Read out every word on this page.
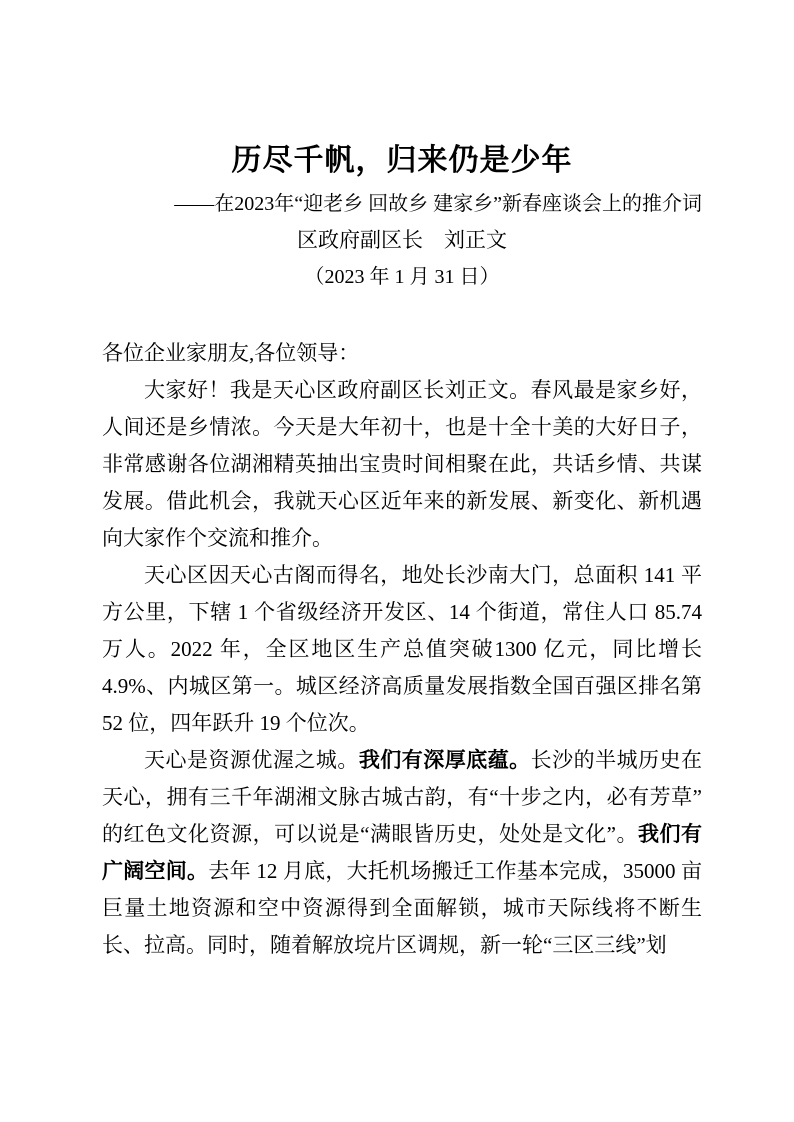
历尽千帆，归来仍是少年
——在2023年“迎老乡 回故乡 建家乡”新春座谈会上的推介词
区政府副区长　刘正文
（2023 年 1 月 31 日）

各位企业家朋友,各位领导：

大家好！我是天心区政府副区长刘正文。春风最是家乡好，人间还是乡情浓。今天是大年初十，也是十全十美的大好日子，非常感谢各位湖湘精英抽出宝贵时间相聚在此，共话乡情、共谋发展。借此机会，我就天心区近年来的新发展、新变化、新机遇向大家作个交流和推介。

天心区因天心古阁而得名，地处长沙南大门，总面积 141 平方公里，下辖 1 个省级经济开发区、14 个街道，常住人口 85.74 万人。2022 年，全区地区生产总值突破1300 亿元，同比增长4.9%、内城区第一。城区经济高质量发展指数全国百强区排名第 52 位，四年跃升 19 个位次。

天心是资源优渥之城。我们有深厚底蕴。长沙的半城历史在天心，拥有三千年湖湘文脉古城古韵，有“十步之内，必有芳草”的红色文化资源，可以说是“满眼皆历史，处处是文化”。我们有广阔空间。去年 12 月底，大托机场搬迁工作基本完成，35000 亩巨量土地资源和空中资源得到全面解锁，城市天际线将不断生长、拉高。同时，随着解放垸片区调规，新一轮“三区三线”划
